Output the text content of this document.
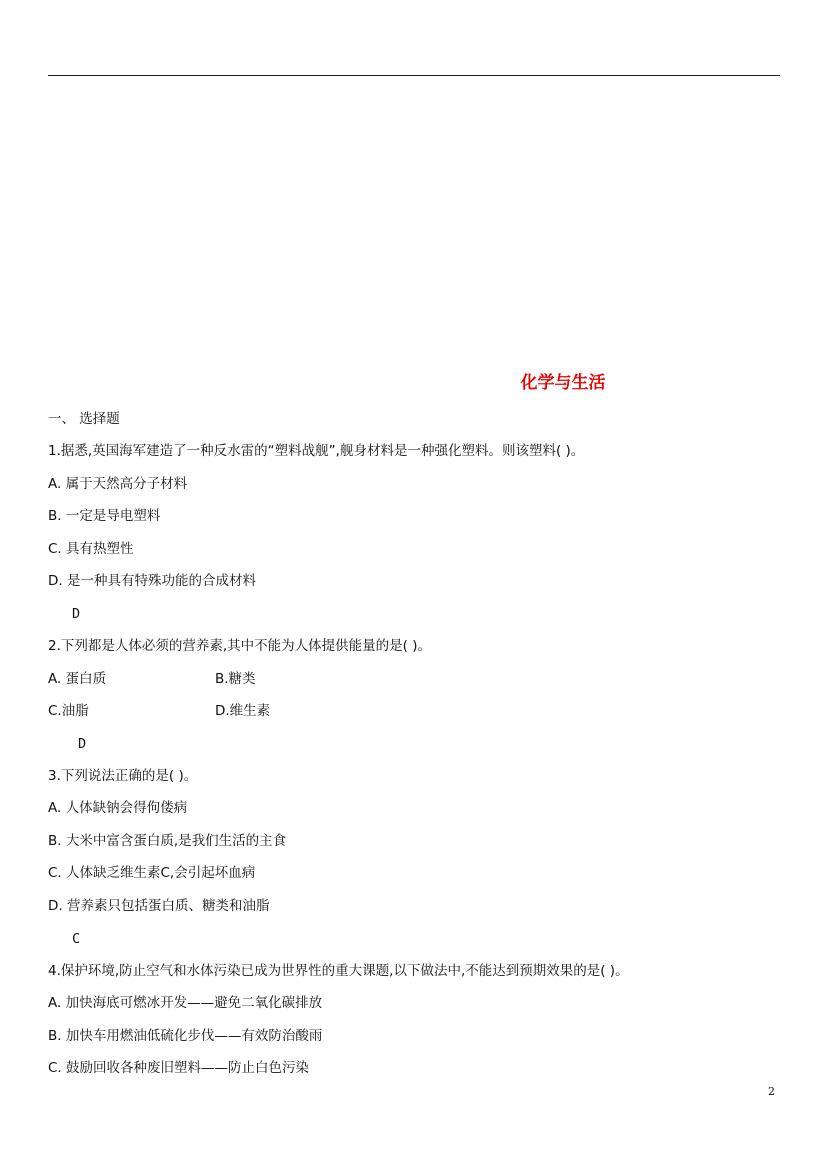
化学与生活
一、 选择题
1.据悉,英国海军建造了一种反水雷的“塑料战舰”,舰身材料是一种强化塑料。则该塑料( )。
A. 属于天然高分子材料
B. 一定是导电塑料
C. 具有热塑性
D. 是一种具有特殊功能的合成材料
D
2.下列都是人体必须的营养素,其中不能为人体提供能量的是( )。
A. 蛋白质	B.糖类
C.油脂	D.维生素
D
3.下列说法正确的是( )。
A. 人体缺钠会得佝偻病
B. 大米中富含蛋白质,是我们生活的主食
C. 人体缺乏维生素C,会引起坏血病
D. 营养素只包括蛋白质、糖类和油脂
C
4.保护环境,防止空气和水体污染已成为世界性的重大课题,以下做法中,不能达到预期效果的是( )。
A. 加快海底可燃冰开发——避免二氧化碳排放
B. 加快车用燃油低硫化步伐——有效防治酸雨
C. 鼓励回收各种废旧塑料——防止白色污染
2
